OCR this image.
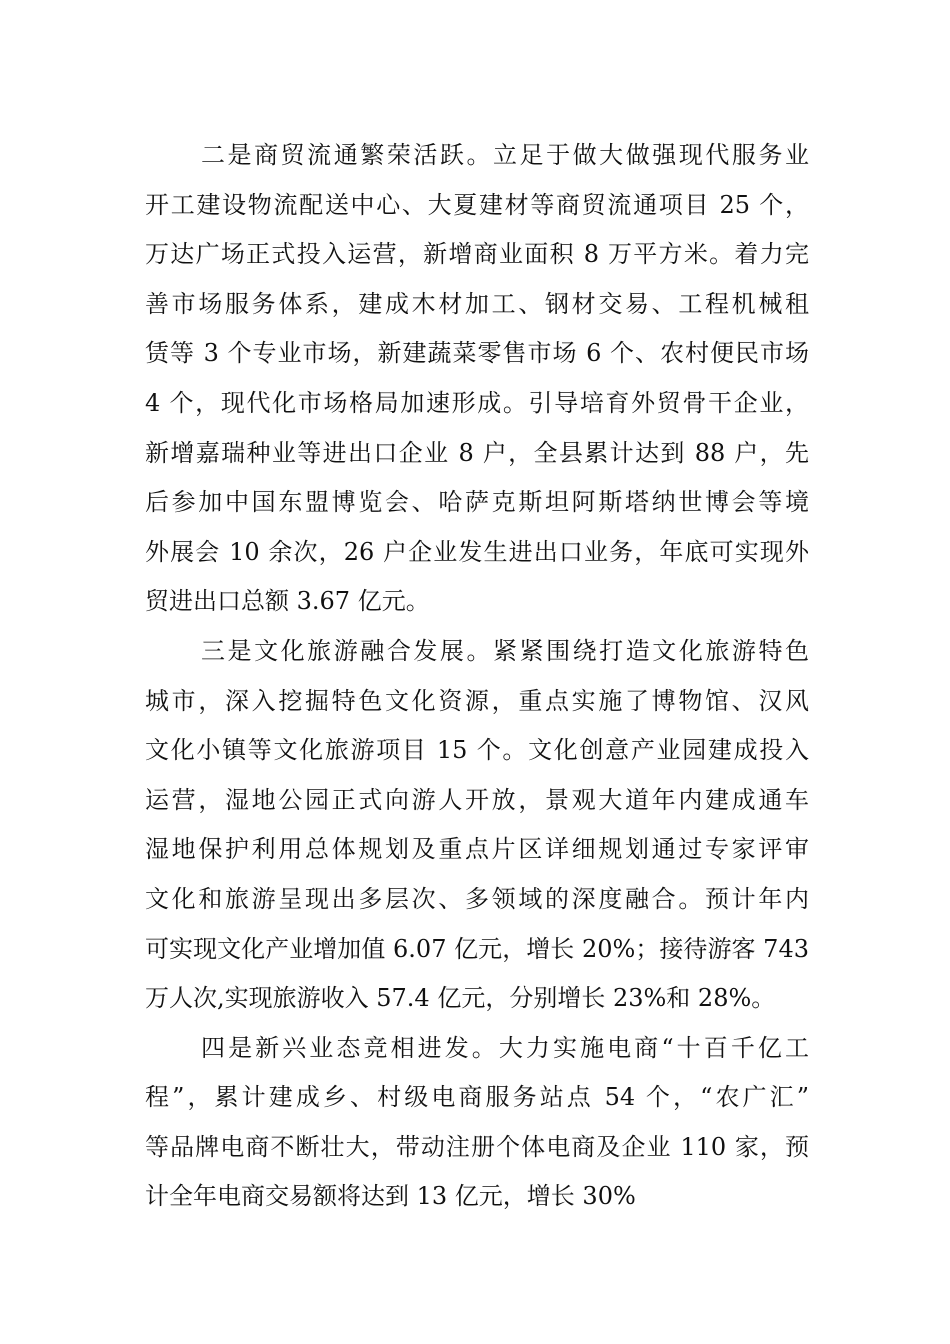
二是商贸流通繁荣活跃。立足于做大做强现代服务业
开工建设物流配送中心、大夏建材等商贸流通项目 25 个，
万达广场正式投入运营，新增商业面积 8 万平方米。着力完
善市场服务体系，建成木材加工、钢材交易、工程机械租
赁等 3 个专业市场，新建蔬菜零售市场 6 个、农村便民市场
4 个，现代化市场格局加速形成。引导培育外贸骨干企业，
新增嘉瑞种业等进出口企业 8 户，全县累计达到 88 户，先
后参加中国东盟博览会、哈萨克斯坦阿斯塔纳世博会等境
外展会 10 余次，26 户企业发生进出口业务，年底可实现外
贸进出口总额 3.67 亿元。
三是文化旅游融合发展。紧紧围绕打造文化旅游特色
城市，深入挖掘特色文化资源，重点实施了博物馆、汉风
文化小镇等文化旅游项目 15 个。文化创意产业园建成投入
运营，湿地公园正式向游人开放，景观大道年内建成通车
湿地保护利用总体规划及重点片区详细规划通过专家评审
文化和旅游呈现出多层次、多领域的深度融合。预计年内
可实现文化产业增加值 6.07 亿元，增长 20%；接待游客 743
万人次,实现旅游收入 57.4 亿元，分别增长 23%和 28%。
四是新兴业态竞相进发。大力实施电商“十百千亿工
程”，累计建成乡、村级电商服务站点 54 个，“农广汇”
等品牌电商不断壮大，带动注册个体电商及企业 110 家，预
计全年电商交易额将达到 13 亿元，增长 30%
